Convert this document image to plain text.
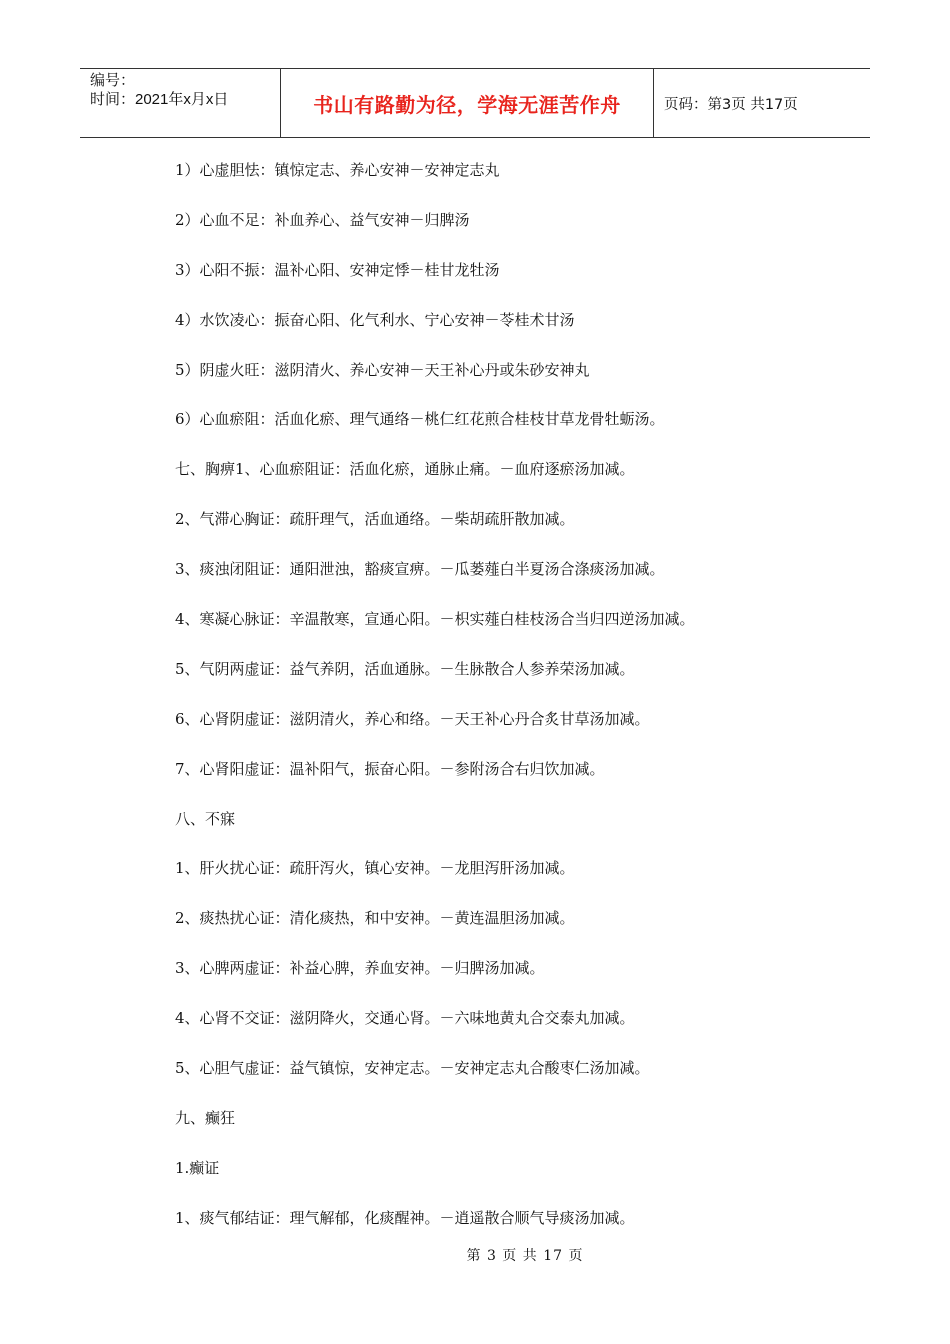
编号：
时间：2021年x月x日	书山有路勤为径，学海无涯苦作舟	页码：第3页 共17页
1）心虚胆怯：镇惊定志、养心安神－安神定志丸
2）心血不足：补血养心、益气安神－归脾汤
3）心阳不振：温补心阳、安神定悸－桂甘龙牡汤
4）水饮凌心：振奋心阳、化气利水、宁心安神－苓桂术甘汤
5）阴虚火旺：滋阴清火、养心安神－天王补心丹或朱砂安神丸
6）心血瘀阻：活血化瘀、理气通络－桃仁红花煎合桂枝甘草龙骨牡蛎汤。
七、胸痹1、心血瘀阻证：活血化瘀，通脉止痛。－血府逐瘀汤加减。
2、气滞心胸证：疏肝理气，活血通络。－柴胡疏肝散加减。
3、痰浊闭阻证：通阳泄浊，豁痰宣痹。－瓜蒌薤白半夏汤合涤痰汤加减。
4、寒凝心脉证：辛温散寒，宣通心阳。－枳实薤白桂枝汤合当归四逆汤加减。
5、气阴两虚证：益气养阴，活血通脉。－生脉散合人参养荣汤加减。
6、心肾阴虚证：滋阴清火，养心和络。－天王补心丹合炙甘草汤加减。
7、心肾阳虚证：温补阳气，振奋心阳。－参附汤合右归饮加减。
八、不寐
1、肝火扰心证：疏肝泻火，镇心安神。－龙胆泻肝汤加减。
2、痰热扰心证：清化痰热，和中安神。－黄连温胆汤加减。
3、心脾两虚证：补益心脾，养血安神。－归脾汤加减。
4、心肾不交证：滋阴降火，交通心肾。－六味地黄丸合交泰丸加减。
5、心胆气虚证：益气镇惊，安神定志。－安神定志丸合酸枣仁汤加减。
九、癫狂
1.癫证
1、痰气郁结证：理气解郁，化痰醒神。－逍遥散合顺气导痰汤加减。
第 3 页 共 17 页
